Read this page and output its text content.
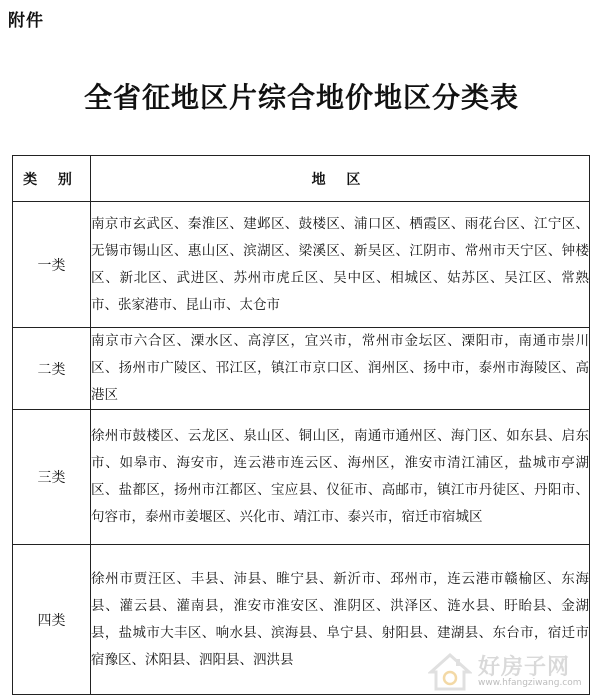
附件
全省征地区片综合地价地区分类表
类 别	地 区
一类	南京市玄武区、秦淮区、建邺区、鼓楼区、浦口区、栖霞区、雨花台区、江宁区、无锡市锡山区、惠山区、滨湖区、梁溪区、新吴区、江阴市、常州市天宁区、钟楼区、新北区、武进区、苏州市虎丘区、吴中区、相城区、姑苏区、吴江区、常熟市、张家港市、昆山市、太仓市
二类	南京市六合区、溧水区、高淳区，宜兴市，常州市金坛区、溧阳市，南通市崇川区、扬州市广陵区、邗江区，镇江市京口区、润州区、扬中市，泰州市海陵区、高港区
三类	徐州市鼓楼区、云龙区、泉山区、铜山区，南通市通州区、海门区、如东县、启东市、如皋市、海安市，连云港市连云区、海州区，淮安市清江浦区，盐城市亭湖区、盐都区，扬州市江都区、宝应县、仪征市、高邮市，镇江市丹徒区、丹阳市、句容市，泰州市姜堰区、兴化市、靖江市、泰兴市，宿迁市宿城区
四类	徐州市贾汪区、丰县、沛县、睢宁县、新沂市、邳州市，连云港市赣榆区、东海县、灌云县、灌南县，淮安市淮安区、淮阴区、洪泽区、涟水县、盱眙县、金湖县，盐城市大丰区、响水县、滨海县、阜宁县、射阳县、建湖县、东台市，宿迁市宿豫区、沭阳县、泗阳县、泗洪县	好房子网
www.hfangziwang.com
